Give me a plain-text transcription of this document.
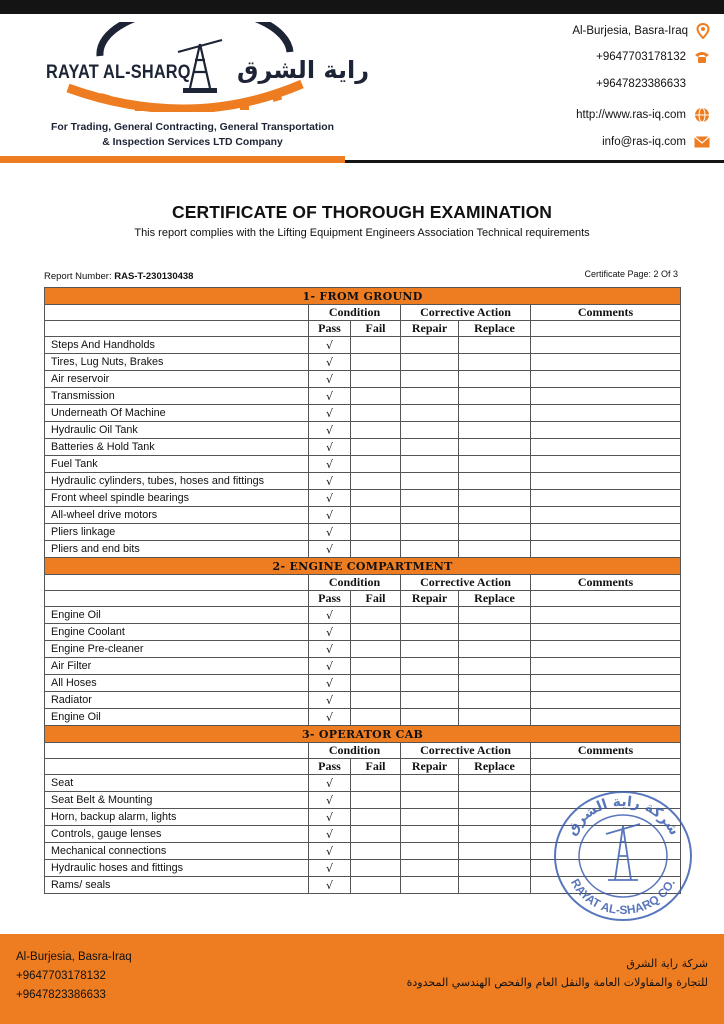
RAYAT AL-SHARQ راية الشرق
For Trading, General Contracting, General Transportation
& Inspection Services LTD Company
Al-Burjesia, Basra-Iraq
+9647703178132
+9647823386633
http://www.ras-iq.com
info@ras-iq.com
CERTIFICATE OF THOROUGH EXAMINATION
This report complies with the Lifting Equipment Engineers Association Technical requirements
Report Number: RAS-T-230130438	Certificate Page: 2 Of 3
1- FROM GROUND					
	Condition		Corrective Action		Comments
	Pass	Fail	Repair	Replace	
Steps And Handholds	√				
Tires, Lug Nuts, Brakes	√				
Air reservoir	√				
Transmission	√				
Underneath Of Machine	√				
Hydraulic Oil Tank	√				
Batteries & Hold Tank	√				
Fuel Tank	√				
Hydraulic cylinders, tubes, hoses and fittings	√				
Front wheel spindle bearings	√				
All-wheel drive motors	√				
Pliers linkage	√				
Pliers and end bits	√				
2- ENGINE COMPARTMENT					
	Condition		Corrective Action		Comments
	Pass	Fail	Repair	Replace	
Engine Oil	√				
Engine Coolant	√				
Engine Pre-cleaner	√				
Air Filter	√				
All Hoses	√				
Radiator	√				
Engine Oil	√				
3- OPERATOR CAB					
	Condition		Corrective Action		Comments
	Pass	Fail	Repair	Replace	
Seat	√				
Seat Belt & Mounting	√				
Horn, backup alarm, lights	√				
Controls, gauge lenses	√				
Mechanical connections	√				
Hydraulic hoses and fittings	√				
Rams/ seals	√				
شركة راية الشرق
RAYAT AL-SHARQ CO.
Al-Burjesia, Basra-Iraq
+9647703178132
+9647823386633
شركة راية الشرق
للتجارة والمقاولات العامة والنقل العام والفحص الهندسي المحدودة
